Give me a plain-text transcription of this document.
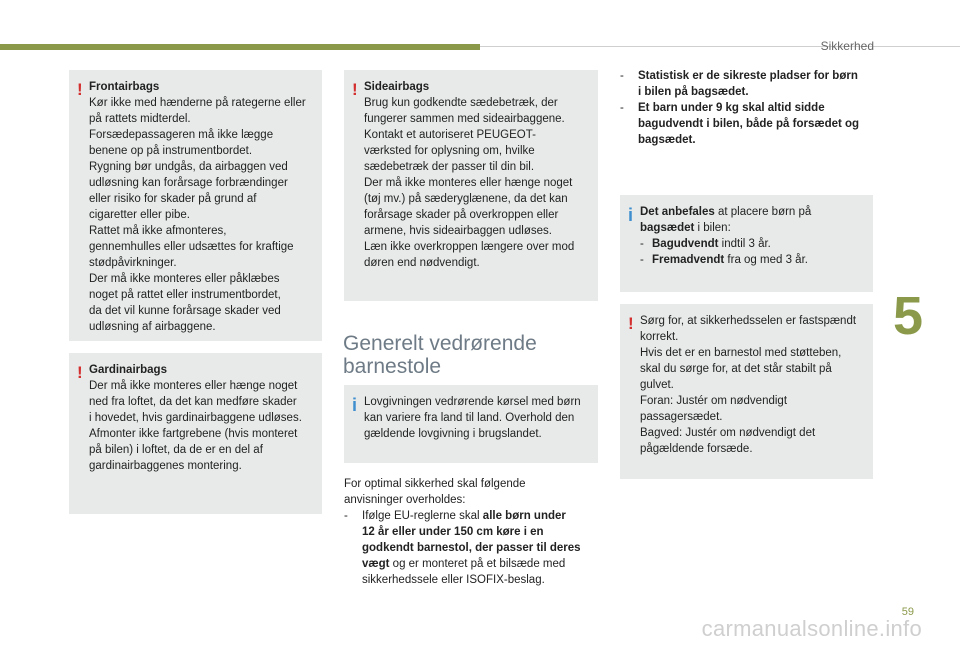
Sikkerhed
! Frontairbags

Kør ikke med hænderne på rategerne eller

på rattets midterdel.

Forsædepassageren må ikke lægge

benene op på instrumentbordet.

Rygning bør undgås, da airbaggen ved

udløsning kan forårsage forbrændinger

eller risiko for skader på grund af

cigaretter eller pibe.

Rattet må ikke afmonteres,

gennemhulles eller udsættes for kraftige

stødpåvirkninger.

Der må ikke monteres eller påklæbes

noget på rattet eller instrumentbordet,

da det vil kunne forårsage skader ved

udløsning af airbaggene.

! Gardinairbags

Der må ikke monteres eller hænge noget

ned fra loftet, da det kan medføre skader

i hovedet, hvis gardinairbaggene udløses.

Afmonter ikke fartgrebene (hvis monteret

på bilen) i loftet, da de er en del af

gardinairbaggenes montering.

! Sideairbags

Brug kun godkendte sædebetræk, der

fungerer sammen med sideairbaggene.

Kontakt et autoriseret PEUGEOT-

værksted for oplysning om, hvilke

sædebetræk der passer til din bil.

Der må ikke monteres eller hænge noget

(tøj mv.) på sæderyglænene, da det kan

forårsage skader på overkroppen eller

armene, hvis sideairbaggen udløses.

Læn ikke overkroppen længere over mod

døren end nødvendigt.

Generelt vedrørende
barnestole
i Lovgivningen vedrørende kørsel med børn

kan variere fra land til land. Overhold den

gældende lovgivning i brugslandet.

For optimal sikkerhed skal følgende
anvisninger overholdes:
- Ifølge EU-reglerne skal alle børn under
12 år eller under 150 cm køre i en
godkendt barnestol, der passer til deres
vægt og er monteret på et bilsæde med
sikkerhedssele eller ISOFIX-beslag.
- Statistisk er de sikreste pladser for børn
i bilen på bagsædet.
- Et barn under 9 kg skal altid sidde
bagudvendt i bilen, både på forsædet og
bagsædet.
i Det anbefales at placere børn på

bagsædet i bilen:

- Bagudvendt indtil 3 år.
- Fremadvendt fra og med 3 år.
! Sørg for, at sikkerhedsselen er fastspændt

korrekt.

Hvis det er en barnestol med støtteben,

skal du sørge for, at det står stabilt på

gulvet.

Foran: Justér om nødvendigt

passagersædet.

Bagved: Justér om nødvendigt det

pågældende forsæde.

5
59
carmanualsonline.info
